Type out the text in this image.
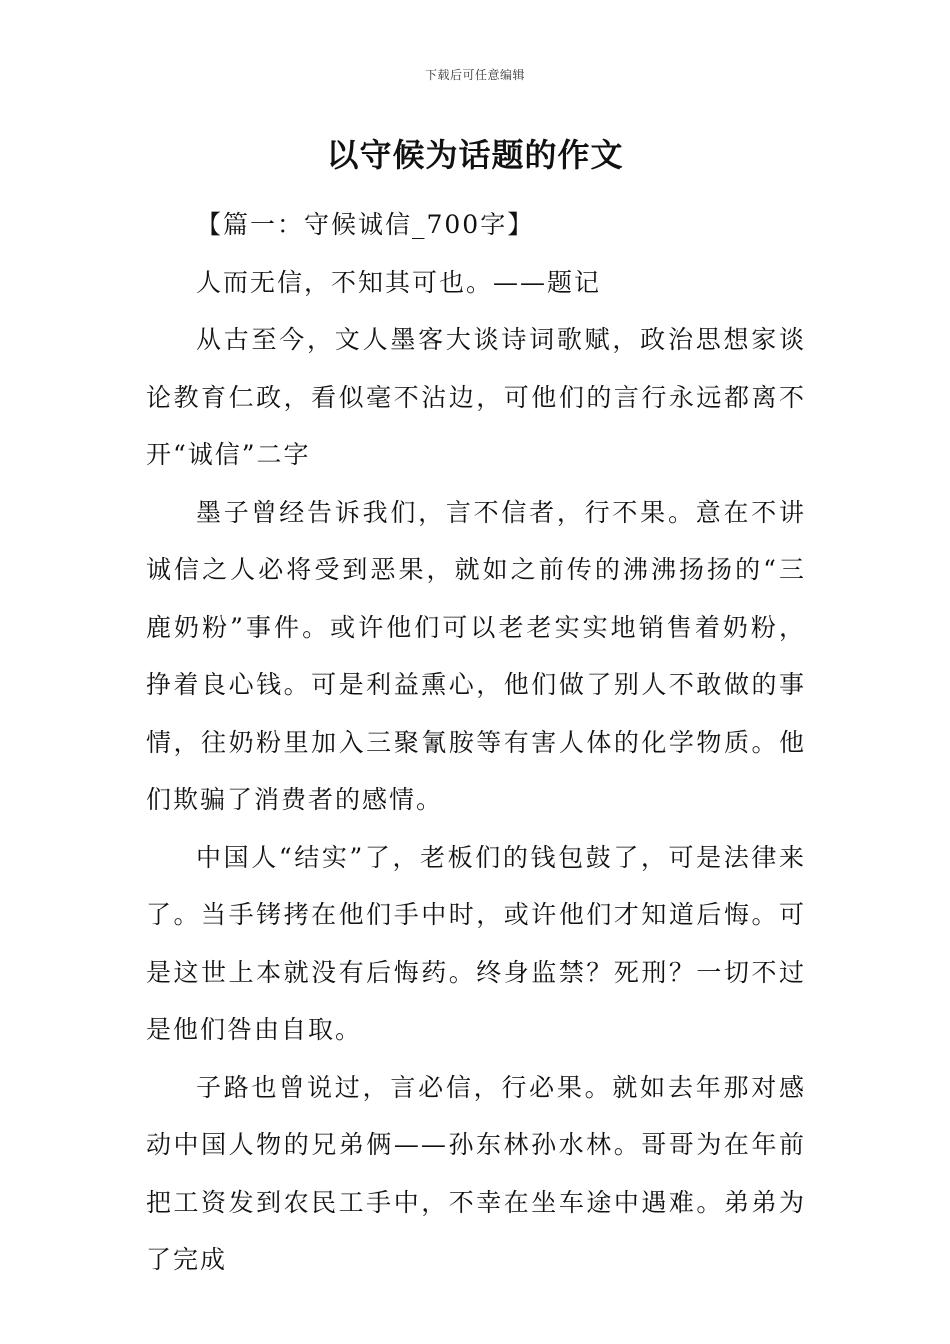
下载后可任意编辑
以守候为话题的作文

【篇一：守候诚信_700字】

人而无信，不知其可也。——题记

从古至今，文人墨客大谈诗词歌赋，政治思想家谈论教育仁政，看似毫不沾边，可他们的言行永远都离不开“诚信”二字

墨子曾经告诉我们，言不信者，行不果。意在不讲诚信之人必将受到恶果，就如之前传的沸沸扬扬的“三鹿奶粉”事件。或许他们可以老老实实地销售着奶粉，挣着良心钱。可是利益熏心，他们做了别人不敢做的事情，往奶粉里加入三聚氰胺等有害人体的化学物质。他们欺骗了消费者的感情。

中国人“结实”了，老板们的钱包鼓了，可是法律来了。当手铐拷在他们手中时，或许他们才知道后悔。可是这世上本就没有后悔药。终身监禁？死刑？一切不过是他们咎由自取。

子路也曾说过，言必信，行必果。就如去年那对感动中国人物的兄弟俩——孙东林孙水林。哥哥为在年前把工资发到农民工手中，不幸在坐车途中遇难。弟弟为了完成
